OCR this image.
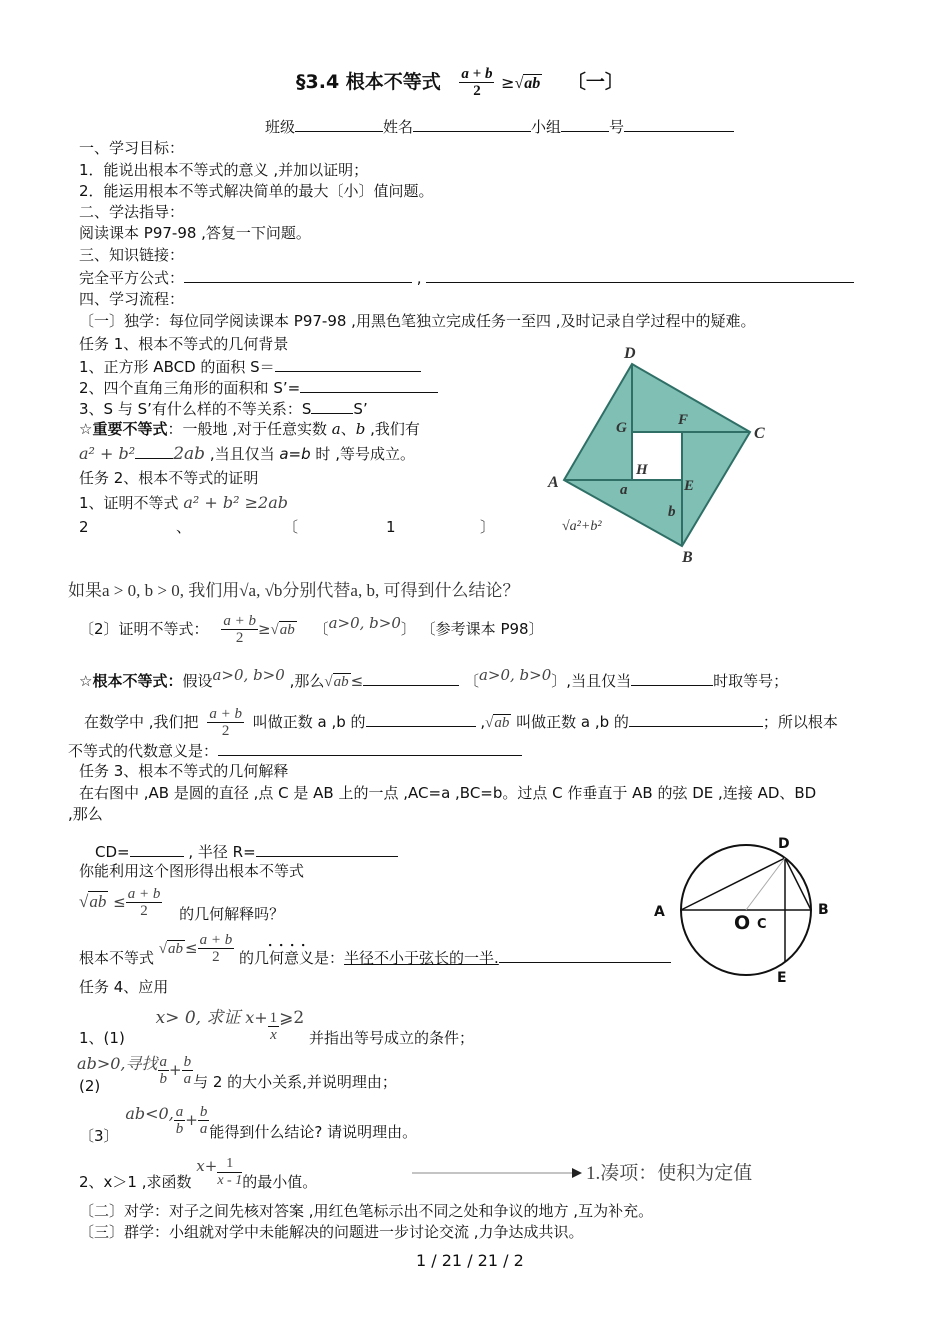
§3.4 根本不等式 $\frac{a + b}{2} \ge√ab$ 〔一〕
班级	姓名	小组	号
一、学习目标：
1．能说出根本不等式的意义 ,并加以证明；
2．能运用根本不等式解决简单的最大〔小〕值问题。
二、学法指导：
阅读课本 P97-98 ,答复一下问题。
三、知识链接：
完全平方公式：	,
四、学习流程：
〔一〕独学：每位同学阅读课本 P97-98 ,用黑色笔独立完成任务一至四 ,及时记录自学过程中的疑难。
任务 1、根本不等式的几何背景
1、正方形 ABCD 的面积 S＝
2、四个直角三角形的面积和 S’=
3、S 与 S’有什么样的不等关系：S	S’
☆重要不等式：一般地 ,对于任意实数 a、b ,我们有
a² + b² 2ab ,当且仅当 a=b 时 ,等号成立。
任务 2、根本不等式的证明
1、证明不等式 a² + b² ≥2ab
2	、	〔	1	〕
D
C
A
B
G	F
H
E
a
b
√a²+b²
如果a > 0, b > 0, 我们用√a, √b分别代替a, b, 可得到什么结论？
〔2〕证明不等式： $\frac{a + b}{2} \ge√ab$ 〔a>0, b>0〕 〔参考课本 P98〕
☆根本不等式：假设a>0, b>0 ,那么√ab ≤	〔a>0, b>0〕,当且仅当	时取等号；
在数学中 ,我们把 $\frac{a + b}{2}$ 叫做正数 a ,b 的	,√ab 叫做正数 a ,b 的	；所以根本
不等式的代数意义是：
任务 3、根本不等式的几何解释
在右图中 ,AB 是圆的直径 ,点 C 是 AB 上的一点 ,AC=a ,BC=b。过点 C 作垂直于 AB 的弦 DE ,连接 AD、BD
,那么
CD=	, 半径 R=
你能利用这个图形得出根本不等式
$√ab \le \frac{a + b}{2}$ 的几何解释吗？
根本不等式 $√ab \le \frac{a + b}{2}$ 的几何意义是：半径不小于弦长的一半.
．．．．
D
A	B
O C
E
任务 4、应用
1、(1) x> 0, 求证 $x+ \frac{1}{x}$ ⩾2 并指出等号成立的条件；
(2) ab>0,寻找 $\frac{a}{b} + \frac{b}{a}$ 与 2 的大小关系,并说明理由；
〔3〕 ab<0, $\frac{a}{b} + \frac{b}{a}$ 能得到什么结论? 请说明理由。
2、x＞1 ,求函数 $x+ \frac{1}{x - 1}$ 的最小值。	1.凑项：使积为定值
〔二〕对学：对子之间先核对答案 ,用红色笔标示出不同之处和争议的地方 ,互为补充。
〔三〕群学：小组就对学中未能解决的问题进一步讨论交流 ,力争达成共识。
1 / 21 / 21 / 2
